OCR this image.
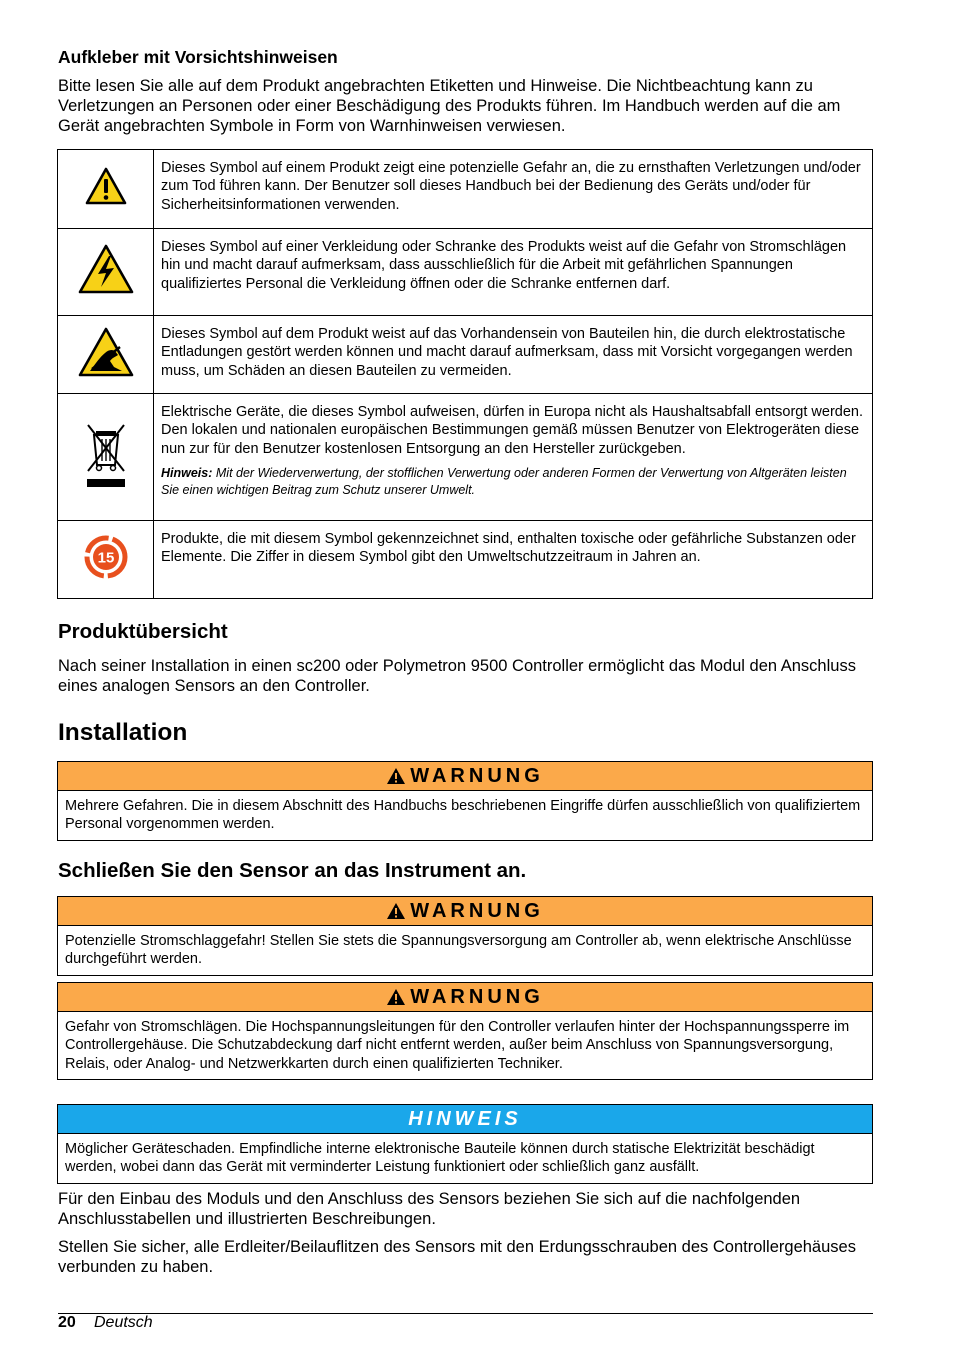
Aufkleber mit Vorsichtshinweisen

Bitte lesen Sie alle auf dem Produkt angebrachten Etiketten und Hinweise. Die Nichtbeachtung kann zu Verletzungen an Personen oder einer Beschädigung des Produkts führen. Im Handbuch werden auf die am Gerät angebrachten Symbole in Form von Warnhinweisen verwiesen.

	Dieses Symbol auf einem Produkt zeigt eine potenzielle Gefahr an, die zu ernsthaften Verletzungen und/oder zum Tod führen kann. Der Benutzer soll dieses Handbuch bei der Bedienung des Geräts und/oder für Sicherheitsinformationen verwenden.
	Dieses Symbol auf einer Verkleidung oder Schranke des Produkts weist auf die Gefahr von Stromschlägen hin und macht darauf aufmerksam, dass ausschließlich für die Arbeit mit gefährlichen Spannungen qualifiziertes Personal die Verkleidung öffnen oder die Schranke entfernen darf.
	Dieses Symbol auf dem Produkt weist auf das Vorhandensein von Bauteilen hin, die durch elektrostatische Entladungen gestört werden können und macht darauf aufmerksam, dass mit Vorsicht vorgegangen werden muss, um Schäden an diesen Bauteilen zu vermeiden.
	Elektrische Geräte, die dieses Symbol aufweisen, dürfen in Europa nicht als Haushaltsabfall entsorgt werden. Den lokalen und nationalen europäischen Bestimmungen gemäß müssen Benutzer von Elektrogeräten diese nun zur für den Benutzer kostenlosen Entsorgung an den Hersteller zurückgeben.
Hinweis: Mit der Wiederverwertung, der stofflichen Verwertung oder anderen Formen der Verwertung von Altgeräten leisten Sie einen wichtigen Beitrag zum Schutz unserer Umwelt.

15	Produkte, die mit diesem Symbol gekennzeichnet sind, enthalten toxische oder gefährliche Substanzen oder Elemente. Die Ziffer in diesem Symbol gibt den Umweltschutzzeitraum in Jahren an.
Produktübersicht

Nach seiner Installation in einen sc200 oder Polymetron 9500 Controller ermöglicht das Modul den Anschluss eines analogen Sensors an den Controller.

Installation
WARNUNG
Mehrere Gefahren. Die in diesem Abschnitt des Handbuchs beschriebenen Eingriffe dürfen ausschließlich von qualifiziertem Personal vorgenommen werden.
Schließen Sie den Sensor an das Instrument an.
WARNUNG
Potenzielle Stromschlaggefahr! Stellen Sie stets die Spannungsversorgung am Controller ab, wenn elektrische Anschlüsse durchgeführt werden.
WARNUNG
Gefahr von Stromschlägen. Die Hochspannungsleitungen für den Controller verlaufen hinter der Hochspannungssperre im Controllergehäuse. Die Schutzabdeckung darf nicht entfernt werden, außer beim Anschluss von Spannungsversorgung, Relais, oder Analog- und Netzwerkkarten durch einen qualifizierten Techniker.
HINWEIS
Möglicher Geräteschaden. Empfindliche interne elektronische Bauteile können durch statische Elektrizität beschädigt werden, wobei dann das Gerät mit verminderter Leistung funktioniert oder schließlich ganz ausfällt.

Für den Einbau des Moduls und den Anschluss des Sensors beziehen Sie sich auf die nachfolgenden Anschlusstabellen und illustrierten Beschreibungen.

Stellen Sie sicher, alle Erdleiter/Beilauflitzen des Sensors mit den Erdungsschrauben des Controllergehäuses verbunden zu haben.

20 Deutsch
